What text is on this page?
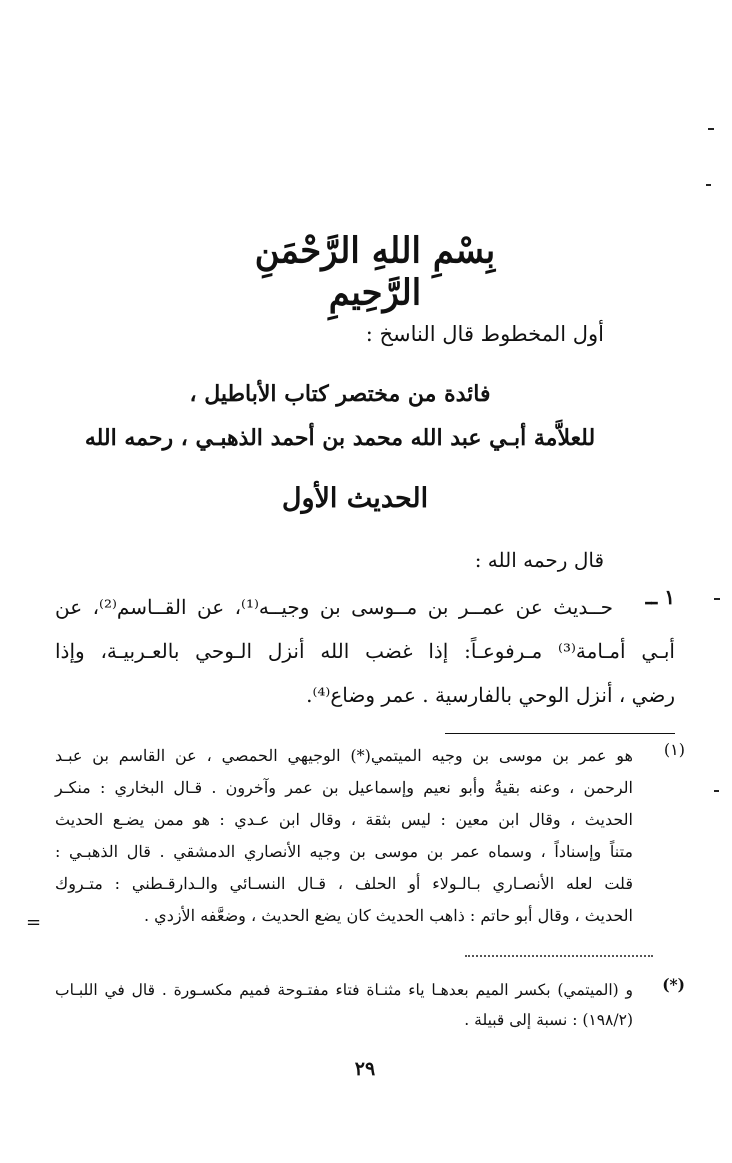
بِسْمِ اللهِ الرَّحْمَنِ الرَّحِيمِ
أول المخطوط قال الناسخ :
فائدة من مختصر كتاب الأباطيل ،
للعلاَّمة أبـي عبد الله محمد بن أحمد الذهبـي ، رحمه الله
الحديث الأول
قال رحمه الله :
١ ــ
حــديث عن عمــر بن مــوسى بن وجيــه⁽¹⁾، عن القــاسم⁽²⁾، عن
أبـي أمـامة⁽³⁾ مـرفوعـاً: إذا غضب الله أنزل الـوحي بالعـربيـة، وإذا
رضي ، أنزل الوحي بالفارسية . عمر وضاع⁽⁴⁾.
(١)
هو عمر بن موسى بن وجيه الميتمي(*) الوجيهي الحمصي ، عن القاسم بن عبـد
الرحمن ، وعنه بقيةُ وأبو نعيم وإسماعيل بن عمر وآخرون . قـال البخاري : منكـر
الحديث ، وقال ابن معين : ليس بثقة ، وقال ابن عـدي : هو ممن يضـع الحديث
متناً وإسناداً ، وسماه عمر بن موسى بن وجيه الأنصاري الدمشقي . قال الذهبـي :
قلت لعله الأنصـاري بـالـولاء أو الحلف ، قـال النسـائي والـدارقـطني : متـروك
الحديث ، وقال أبو حاتم : ذاهب الحديث كان يضع الحديث ، وضعَّفه الأزدي .
=
(*)
و (الميتمي) بكسر الميم بعدهـا ياء مثنـاة فتاء مفتـوحة فميم مكسـورة . قال في اللبـاب
(١٩٨/٢) : نسبة إلى قبيلة .
٢٩
